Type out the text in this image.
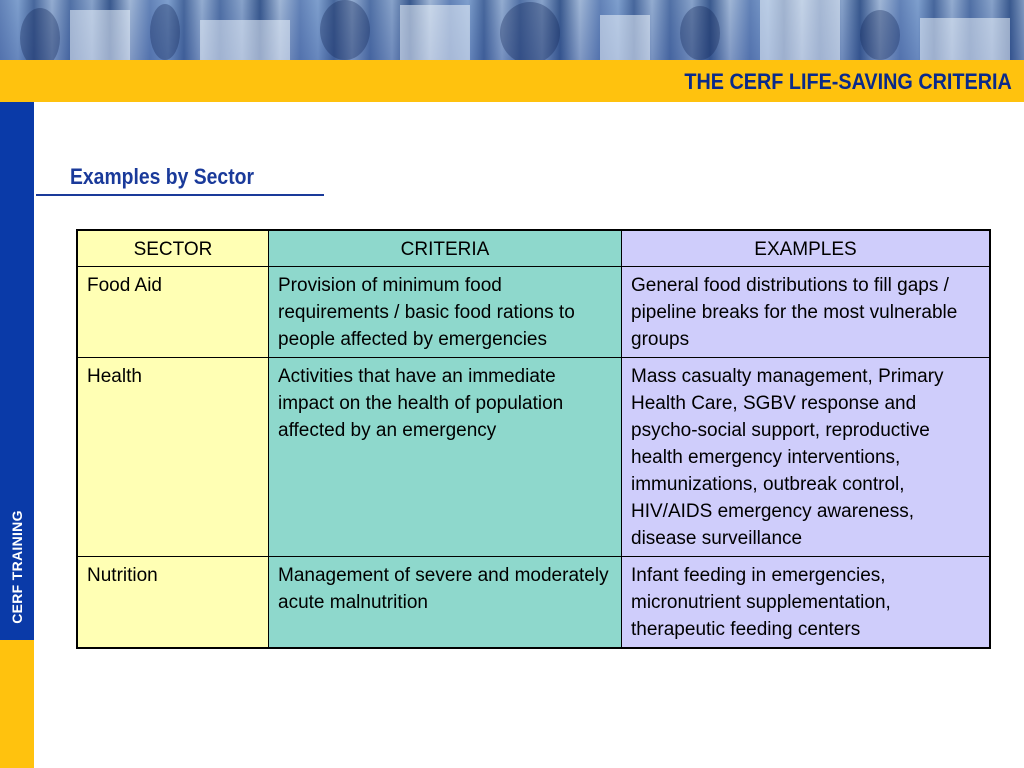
THE CERF LIFE-SAVING CRITERIA
CERF TRAINING
Examples by Sector
SECTOR	CRITERIA	EXAMPLES
Food Aid	Provision of minimum food requirements / basic food rations to people affected by emergencies	General food distributions to fill gaps / pipeline breaks for the most vulnerable groups
Health	Activities that have an immediate impact on the health of population affected by an emergency	Mass casualty management, Primary Health Care, SGBV response and psycho-social support, reproductive health emergency interventions, immunizations, outbreak control, HIV/AIDS emergency awareness, disease surveillance
Nutrition	Management of severe and moderately acute malnutrition	Infant feeding in emergencies, micronutrient supplementation, therapeutic feeding centers
